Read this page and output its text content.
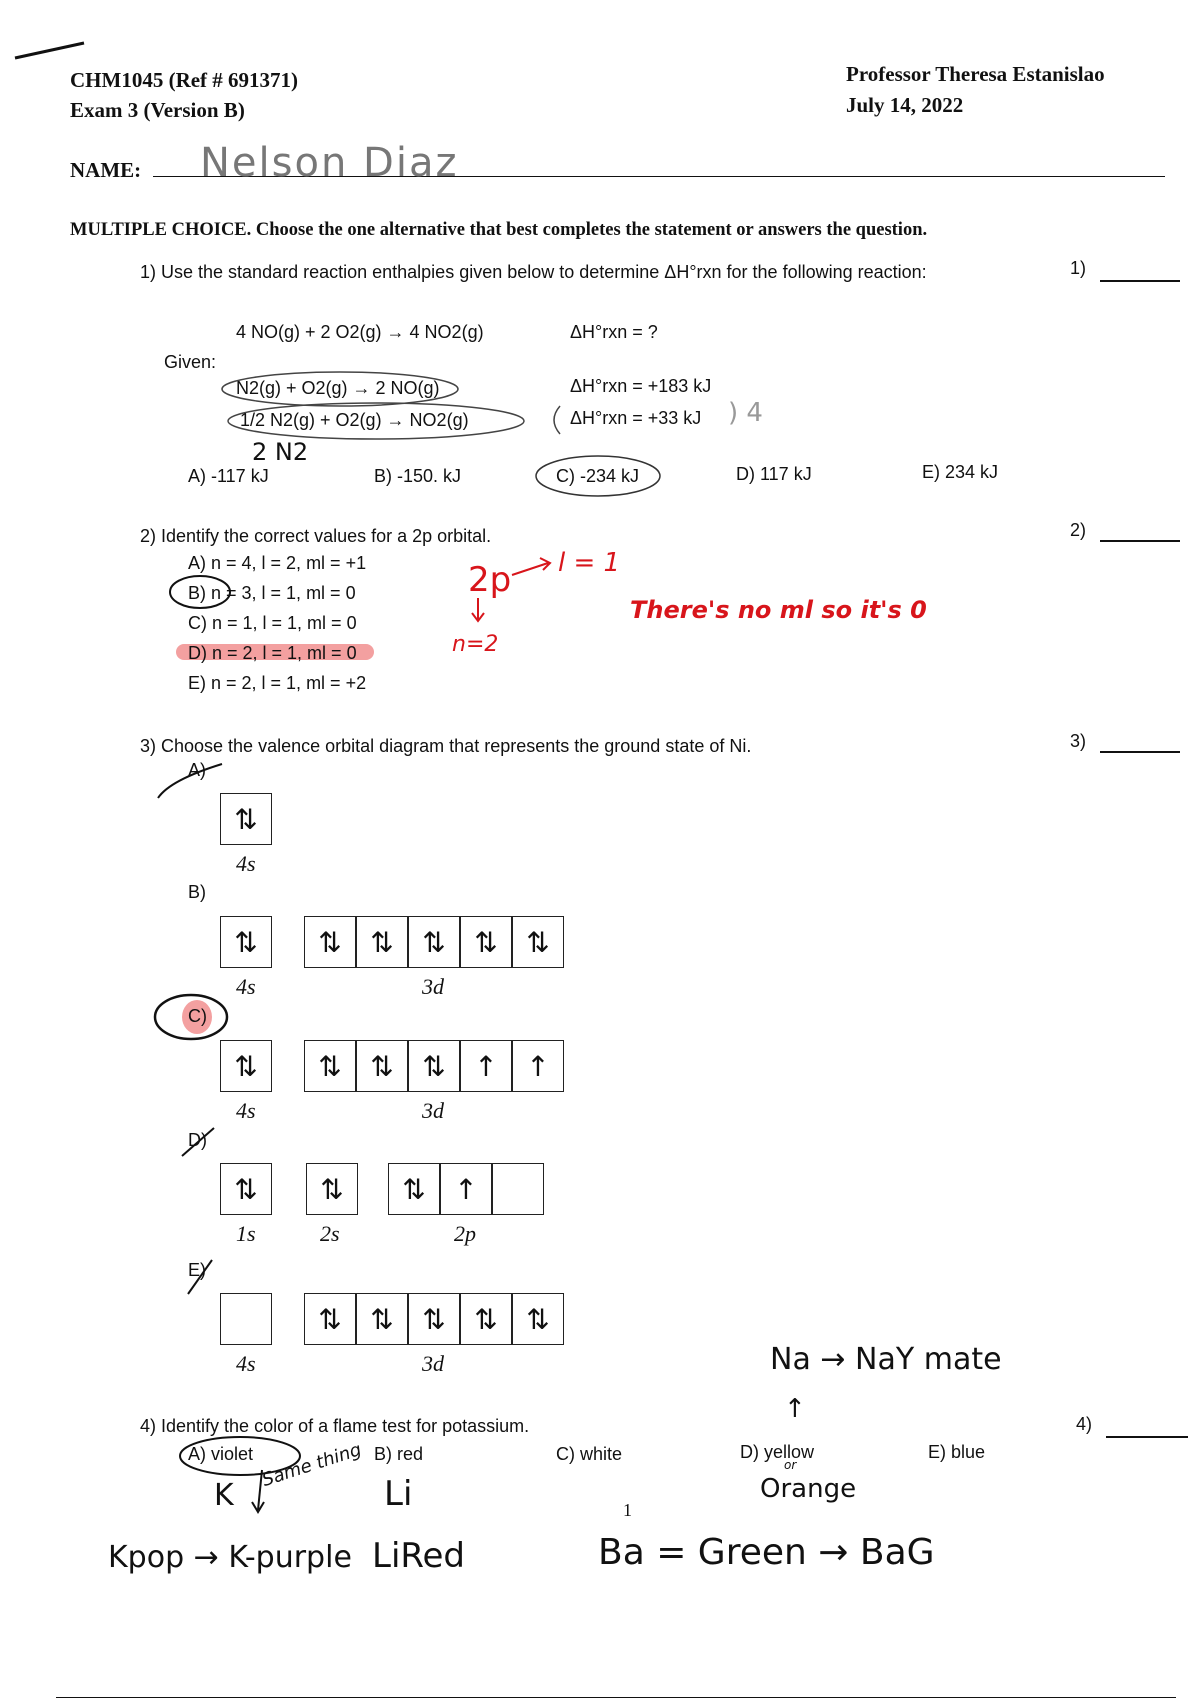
CHM1045 (Ref # 691371)
Exam 3 (Version B)
Professor Theresa Estanislao
July 14, 2022
NAME: Nelson Diaz
MULTIPLE CHOICE. Choose the one alternative that best completes the statement or answers the question.
1) Use the standard reaction enthalpies given below to determine ΔH°rxn for the following reaction:	1)
4 NO(g) + 2 O2(g) → 4 NO2(g)	ΔH°rxn = ?
Given:
N2(g) + O2(g) → 2 NO(g)	ΔH°rxn = +183 kJ
1/2 N2(g) + O2(g) → NO2(g)	ΔH°rxn = +33 kJ ) 4
2 N2
A) -117 kJ	B) -150. kJ	C) -234 kJ	D) 117 kJ	E) 234 kJ
2) Identify the correct values for a 2p orbital.	2)
A) n = 4, l = 2, ml = +1
B) n = 3, l = 1, ml = 0
C) n = 1, l = 1, ml = 0
D) n = 2, l = 1, ml = 0
E) n = 2, l = 1, ml = +2
2p l = 1
n=2
There's no ml so it's 0
3) Choose the valence orbital diagram that represents the ground state of Ni.	3)
A)
⇅
4s
B)
⇅
4s
⇅	⇅	⇅	⇅	⇅
3d
C)
⇅
4s
⇅	⇅	⇅	↑	↑
3d
D)
⇅
1s
⇅
2s
⇅	↑
2p
E)
4s
⇅	⇅	⇅	⇅	⇅
3d
4) Identify the color of a flame test for potassium.	4)
A) violet	B) red	C) white	D) yellow	E) blue
Na → NaY mate
↑
or
Orange
K
Same thing
Li
Kpop → K-purple LiRed	Ba = Green → BaG
1
